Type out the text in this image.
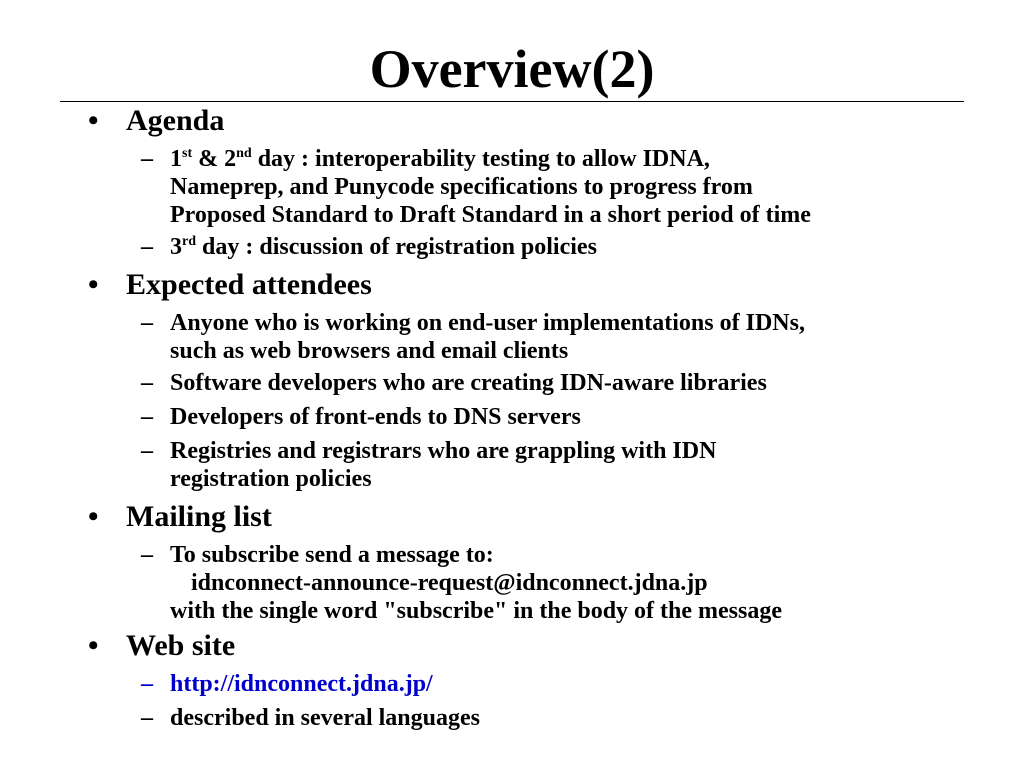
Overview(2)
• Agenda
– 1st & 2nd day : interoperability testing to allow IDNA,
Nameprep, and Punycode specifications to progress from
Proposed Standard to Draft Standard in a short period of time
– 3rd day : discussion of registration policies
• Expected attendees
– Anyone who is working on end-user implementations of IDNs,
such as web browsers and email clients
– Software developers who are creating IDN-aware libraries
– Developers of front-ends to DNS servers
– Registries and registrars who are grappling with IDN
registration policies
• Mailing list
– To subscribe send a message to:
idnconnect-announce-request@idnconnect.jdna.jp
with the single word "subscribe" in the body of the message
• Web site
– http://idnconnect.jdna.jp/
– described in several languages
